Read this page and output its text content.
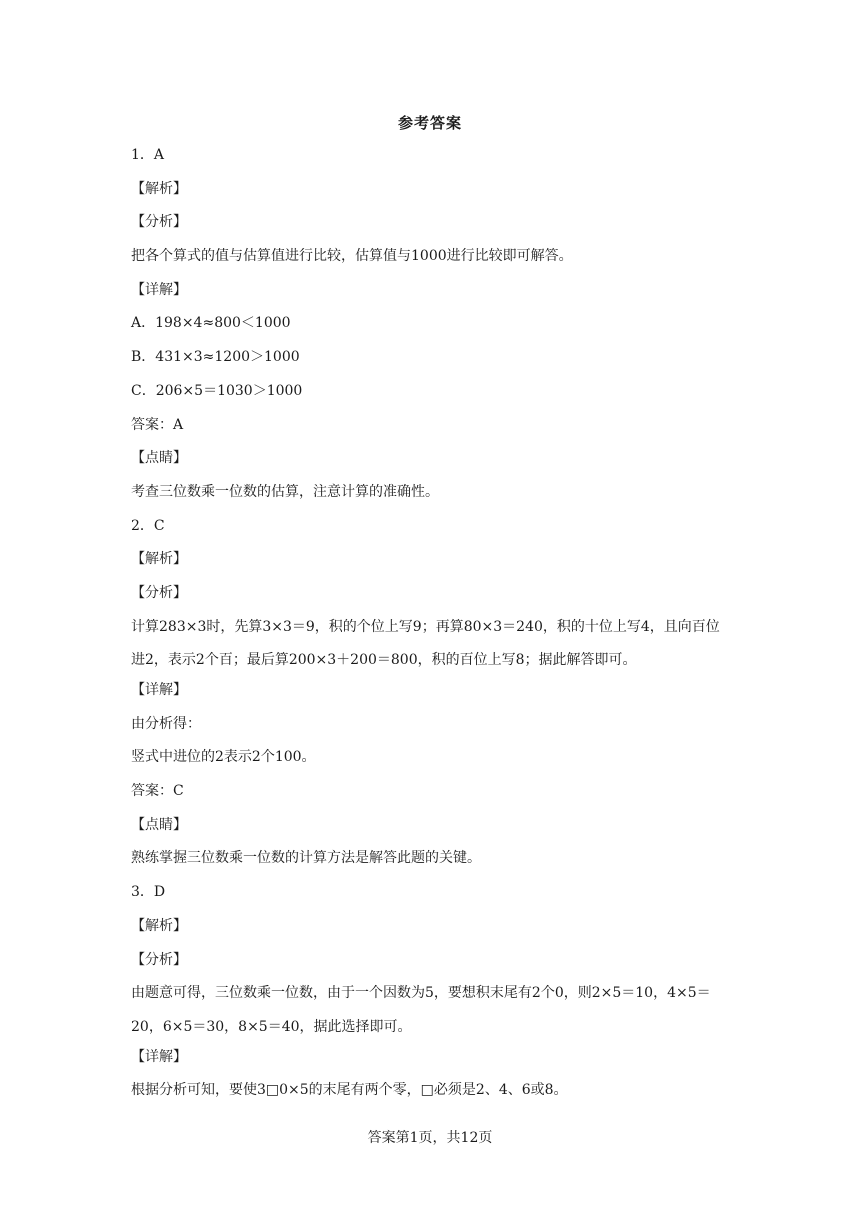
参考答案
1．A
【解析】
【分析】
把各个算式的值与估算值进行比较，估算值与1000进行比较即可解答。
【详解】
A．198×4≈800＜1000
B．431×3≈1200＞1000
C．206×5＝1030＞1000
答案：A
【点睛】
考查三位数乘一位数的估算，注意计算的准确性。
2．C
【解析】
【分析】
计算283×3时，先算3×3＝9，积的个位上写9；再算80×3＝240，积的十位上写4，且向百位进2，表示2个百；最后算200×3＋200＝800，积的百位上写8；据此解答即可。
【详解】
由分析得：
竖式中进位的2表示2个100。
答案：C
【点睛】
熟练掌握三位数乘一位数的计算方法是解答此题的关键。
3．D
【解析】
【分析】
由题意可得，三位数乘一位数，由于一个因数为5，要想积末尾有2个0，则2×5＝10，4×5＝20，6×5＝30，8×5＝40，据此选择即可。
【详解】
根据分析可知，要使3□0×5的末尾有两个零，□必须是2、4、6或8。
答案第1页，共12页
